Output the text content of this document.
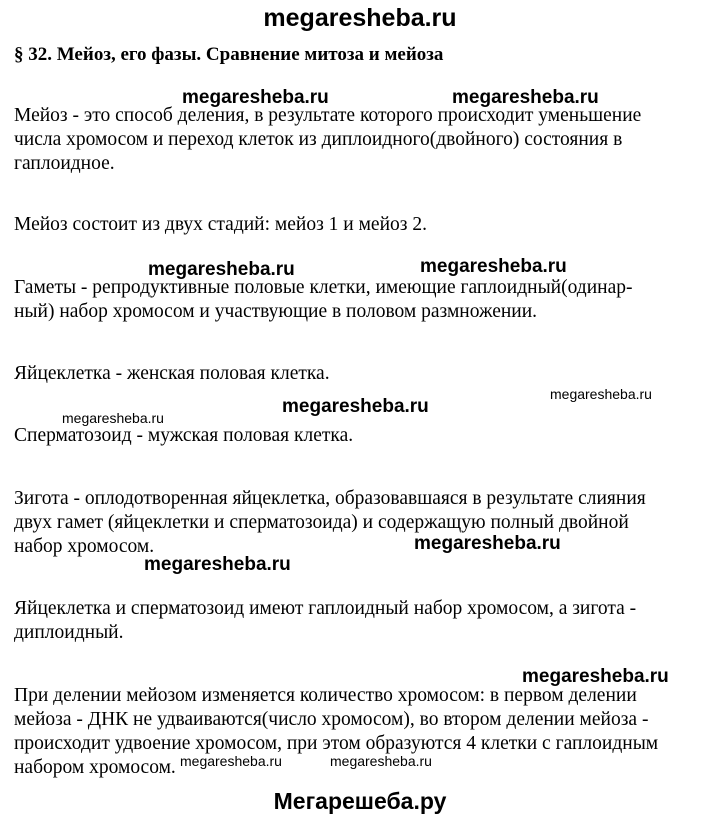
megaresheba.ru
§ 32. Мейоз, его фазы. Сравнение митоза и мейоза

Мейоз - это способ деления, в результате которого происходит уменьшение

числа хромосом и переход клеток из диплоидного(двойного) состояния в

гаплоидное.

Мейоз состоит из двух стадий: мейоз 1 и мейоз 2.

Гаметы - репродуктивные половые клетки, имеющие гаплоидный(одинар-

ный) набор хромосом и участвующие в половом размножении.

Яйцеклетка - женская половая клетка.

Сперматозоид - мужская половая клетка.

Зигота - оплодотворенная яйцеклетка, образовавшаяся в результате слияния

двух гамет (яйцеклетки и сперматозоида) и содержащую полный двойной

набор хромосом.

Яйцеклетка и сперматозоид имеют гаплоидный набор хромосом, а зигота -

диплоидный.

При делении мейозом изменяется количество хромосом: в первом делении

мейоза - ДНК не удваиваются(число хромосом), во втором делении мейоза -

происходит удвоение хромосом, при этом образуются 4 клетки с гаплоидным

набором хромосом.

megaresheba.ru	megaresheba.ru
megaresheba.ru	megaresheba.ru
megaresheba.ru
megaresheba.ru
megaresheba.ru
megaresheba.ru
megaresheba.ru
megaresheba.ru
megaresheba.ru	megaresheba.ru
Мегарешеба.ру
